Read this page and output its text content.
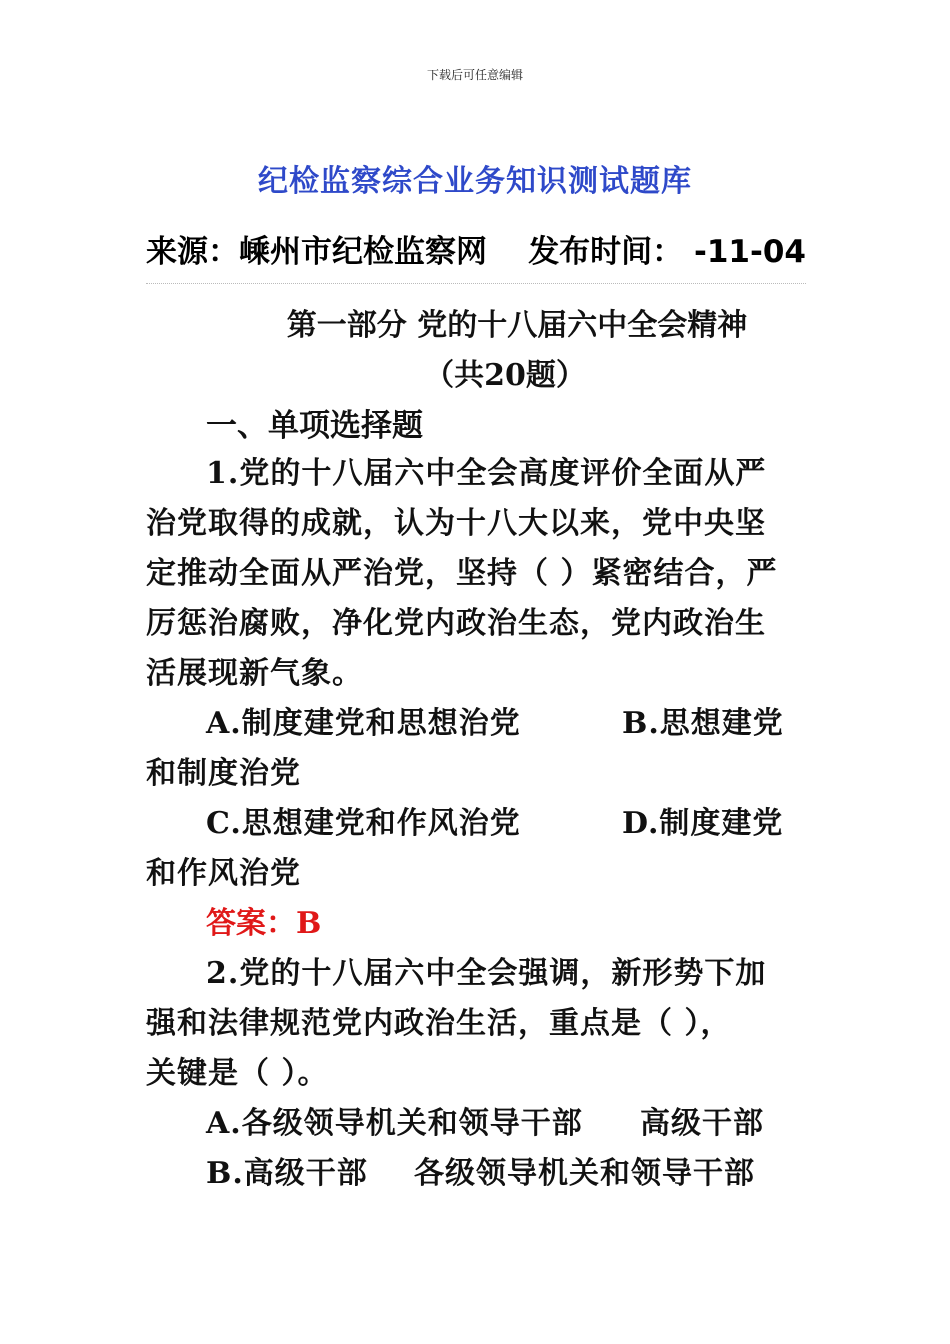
下载后可任意编辑
纪检监察综合业务知识测试题库
来源：嵊州市纪检监察网 发布时间： -11-04
第一部分 党的十八届六中全会精神
（共20题）
一、单项选择题
1.党的十八届六中全会高度评价全面从严
治党取得的成就，认为十八大以来，党中央坚
定推动全面从严治党，坚持（ ）紧密结合，严
厉惩治腐败，净化党内政治生态，党内政治生
活展现新气象。
A.制度建党和思想治党	B.思想建党
和制度治党
C.思想建党和作风治党	D.制度建党
和作风治党
答案：B
2.党的十八届六中全会强调，新形势下加
强和法律规范党内政治生活，重点是（ ），
关键是（ ）。
A.各级领导机关和领导干部 高级干部
B.高级干部 各级领导机关和领导干部
